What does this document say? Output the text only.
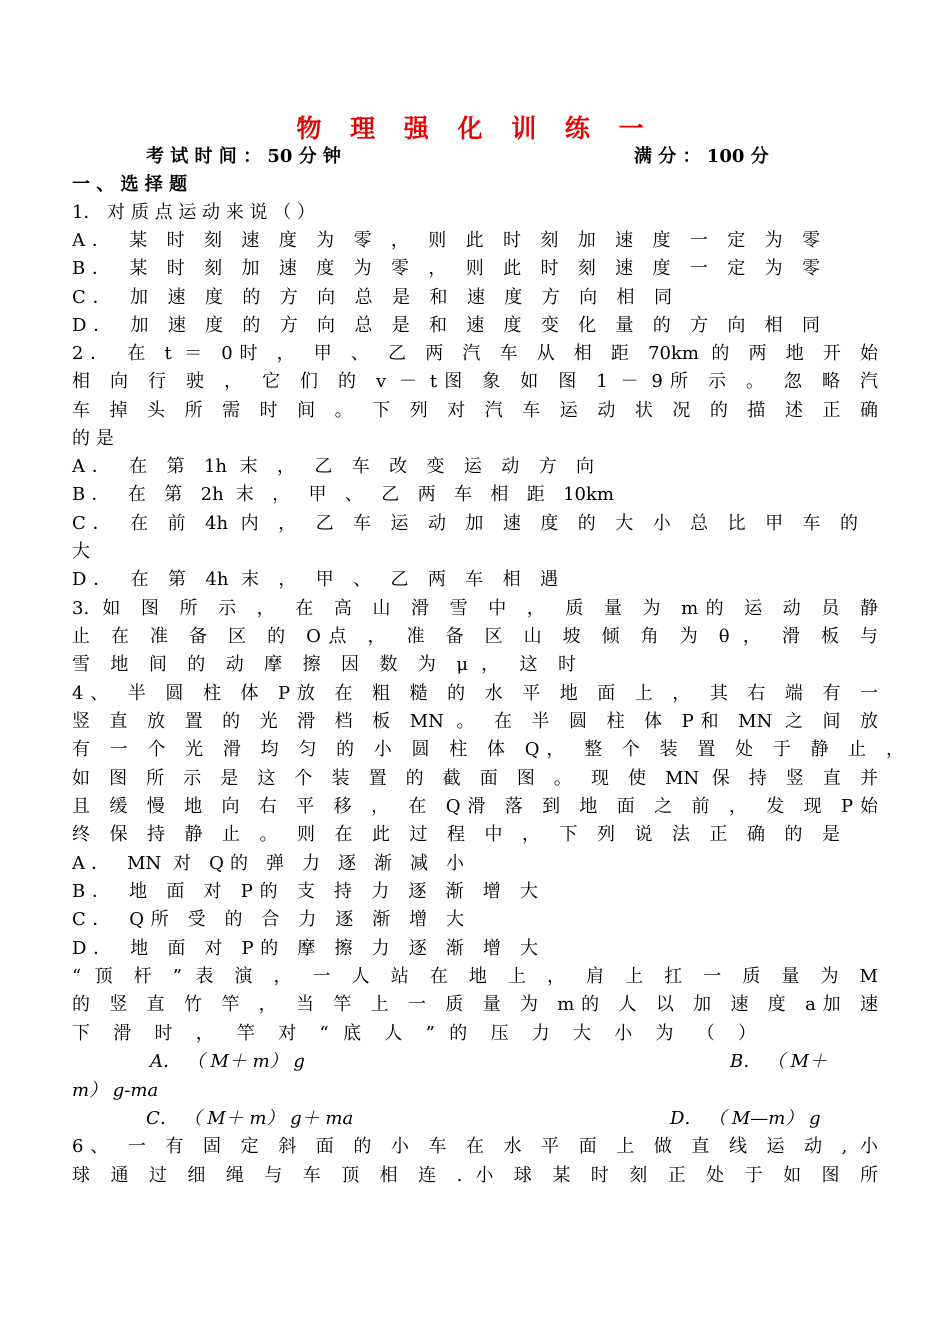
物 理 强 化 训 练 一
考 试 时 间 ： 50 分 钟	满 分 ： 100 分
一 、 选 择 题
1． 对 质 点 运 动 来 说 （ ）
A． 某 时 刻 速 度 为 零 ， 则 此 时 刻 加 速 度 一 定 为 零
B． 某 时 刻 加 速 度 为 零 ， 则 此 时 刻 速 度 一 定 为 零
C． 加 速 度 的 方 向 总 是 和 速 度 方 向 相 同
D． 加 速 度 的 方 向 总 是 和 速 度 变 化 量 的 方 向 相 同
2． 在 t ＝ 0时 ， 甲 、 乙 两 汽 车 从 相 距 70km 的 两 地 开 始
相 向 行 驶 ， 它 们 的 v － t图 象 如 图 1 － 9所 示 。 忽 略 汽
车 掉 头 所 需 时 间 。 下 列 对 汽 车 运 动 状 况 的 描 述 正 确
的 是
A． 在 第 1h 末 ， 乙 车 改 变 运 动 方 向
B． 在 第 2h 末 ， 甲 、 乙 两 车 相 距 10km
C． 在 前 4h 内 ， 乙 车 运 动 加 速 度 的 大 小 总 比 甲 车 的
大
D． 在 第 4h 末 ， 甲 、 乙 两 车 相 遇
3. 如 图 所 示 ， 在 高 山 滑 雪 中 ， 质 量 为 m的 运 动 员 静
止 在 准 备 区 的 O点 ， 准 备 区 山 坡 倾 角 为 θ ， 滑 板 与
雪 地 间 的 动 摩 擦 因 数 为 μ ， 这 时
4、 半 圆 柱 体 P放 在 粗 糙 的 水 平 地 面 上 ， 其 右 端 有 一
竖 直 放 置 的 光 滑 档 板 MN 。 在 半 圆 柱 体 P和 MN 之 间 放
有 一 个 光 滑 均 匀 的 小 圆 柱 体 Q， 整 个 装 置 处 于 静 止 ，
如 图 所 示 是 这 个 装 置 的 截 面 图 。 现 使 MN 保 持 竖 直 并
且 缓 慢 地 向 右 平 移 ， 在 Q滑 落 到 地 面 之 前 ， 发 现 P始
终 保 持 静 止 。 则 在 此 过 程 中 ， 下 列 说 法 正 确 的 是
A． MN 对 Q的 弹 力 逐 渐 减 小
B． 地 面 对 P的 支 持 力 逐 渐 增 大
C． Q所 受 的 合 力 逐 渐 增 大
D． 地 面 对 P的 摩 擦 力 逐 渐 增 大
“ 顶 杆 ” 表 演 ， 一 人 站 在 地 上 ， 肩 上 扛 一 质 量 为 M
的 竖 直 竹 竿 ， 当 竿 上 一 质 量 为 m的 人 以 加 速 度 a加 速
下 滑 时 ， 竿 对 “ 底 人 ” 的 压 力 大 小 为 （ ）
A． （ M＋ m） g	B． （ M＋
m） g-ma
C． （ M＋ m） g＋ ma	D． （ M—m） g
6、 一 有 固 定 斜 面 的 小 车 在 水 平 面 上 做 直 线 运 动 , 小
球 通 过 细 绳 与 车 顶 相 连 . 小 球 某 时 刻 正 处 于 如 图 所
